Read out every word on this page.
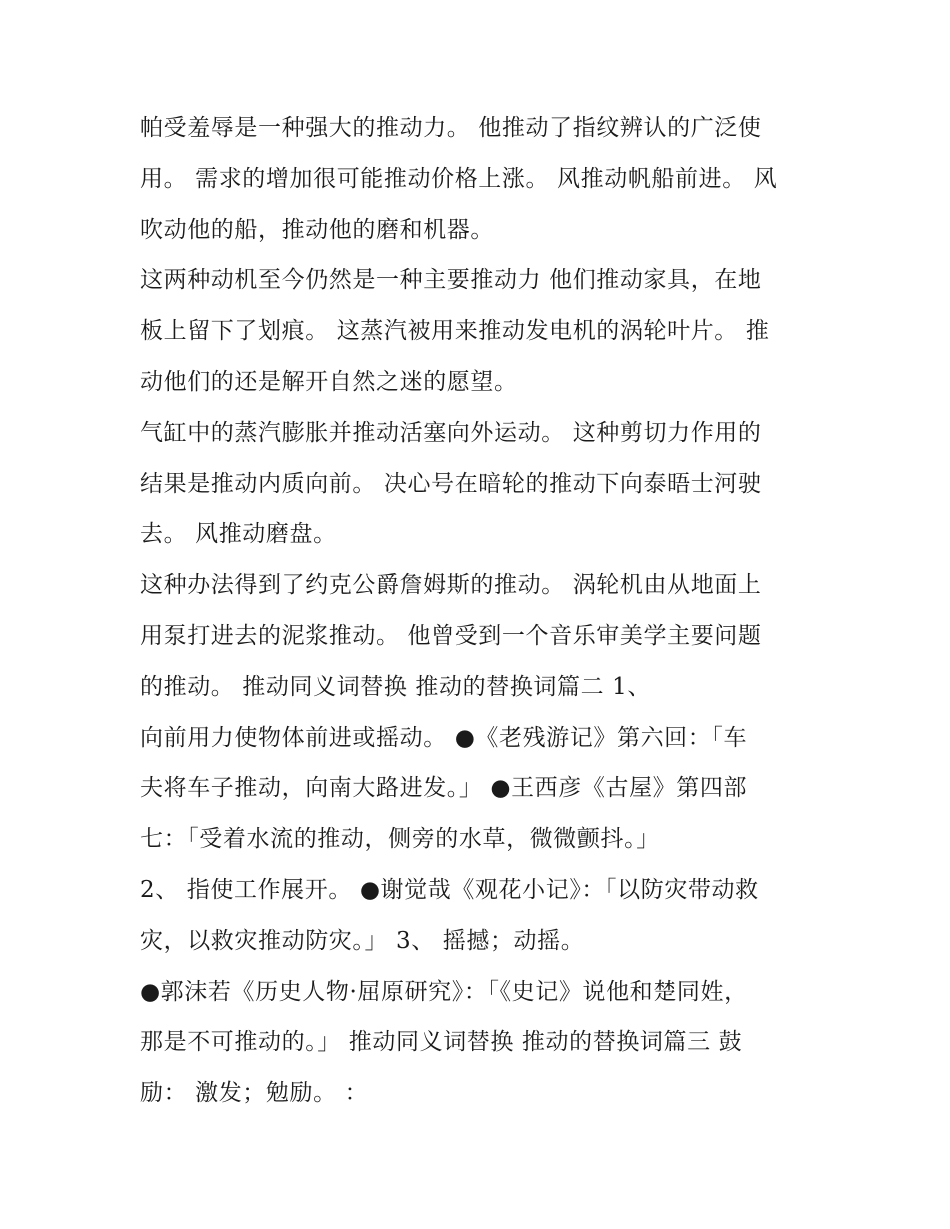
帕受羞辱是一种强大的推动力。 他推动了指纹辨认的广泛使
用。 需求的增加很可能推动价格上涨。 风推动帆船前进。 风
吹动他的船，推动他的磨和机器。
这两种动机至今仍然是一种主要推动力 他们推动家具，在地
板上留下了划痕。 这蒸汽被用来推动发电机的涡轮叶片。 推
动他们的还是解开自然之迷的愿望。
气缸中的蒸汽膨胀并推动活塞向外运动。 这种剪切力作用的
结果是推动内质向前。 决心号在暗轮的推动下向泰晤士河驶
去。 风推动磨盘。
这种办法得到了约克公爵詹姆斯的推动。 涡轮机由从地面上
用泵打进去的泥浆推动。 他曾受到一个音乐审美学主要问题
的推动。 推动同义词替换 推动的替换词篇二 1、
向前用力使物体前进或摇动。 ●《老残游记》第六回：「车
夫将车子推动，向南大路进发。」 ●王西彦《古屋》第四部
七：「受着水流的推动，侧旁的水草，微微颤抖。」
2、 指使工作展开。 ●谢觉哉《观花小记》：「以防灾带动救
灾，以救灾推动防灾。」 3、 摇撼；动摇。
●郭沫若《历史人物·屈原研究》：「《史记》说他和楚同姓，
那是不可推动的。」 推动同义词替换 推动的替换词篇三 鼓
励： 激发；勉励。 ：
